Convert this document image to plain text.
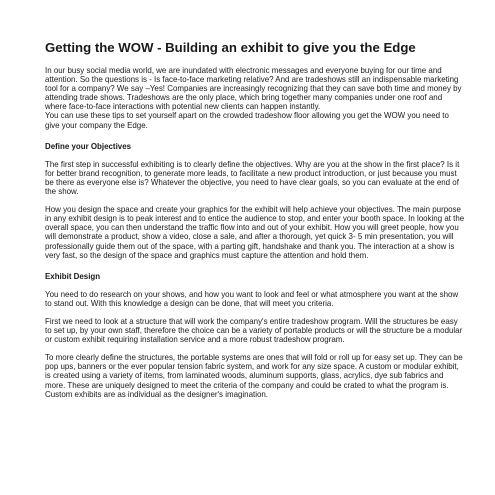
Getting the WOW - Building an exhibit to give you the Edge

In our busy social media world, we are inundated with electronic messages and everyone buying for our time and attention. So the questions is - Is face-to-face marketing relative? And are tradeshows still an indispensable marketing tool for a company? We say –Yes! Companies are increasingly recognizing that they can save both time and money by attending trade shows. Tradeshows are the only place, which bring together many companies under one roof and where face-to-face interactions with potential new clients can happen instantly.

You can use these tips to set yourself apart on the crowded tradeshow floor allowing you get the WOW you need to give your company the Edge.

Define your Objectives

The first step in successful exhibiting is to clearly define the objectives. Why are you at the show in the first place? Is it for better brand recognition, to generate more leads, to facilitate a new product introduction, or just because you must be there as everyone else is? Whatever the objective, you need to have clear goals, so you can evaluate at the end of the show.

How you design the space and create your graphics for the exhibit will help achieve your objectives. The main purpose in any exhibit design is to peak interest and to entice the audience to stop, and enter your booth space. In looking at the overall space, you can then understand the traffic flow into and out of your exhibit. How you will greet people, how you will demonstrate a product, show a video, close a sale, and after a thorough, yet quick 3- 5 min presentation, you will professionally guide them out of the space, with a parting gift, handshake and thank you. The interaction at a show is very fast, so the design of the space and graphics must capture the attention and hold them.

Exhibit Design

You need to do research on your shows, and how you want to look and feel or what atmosphere you want at the show to stand out. With this knowledge a design can be done, that will meet you criteria.

First we need to look at a structure that will work the company's entire tradeshow program. Will the structures be easy to set up, by your own staff, therefore the choice can be a variety of portable products or will the structure be a modular or custom exhibit requiring installation service and a more robust tradeshow program.

To more clearly define the structures, the portable systems are ones that will fold or roll up for easy set up. They can be pop ups, banners or the ever popular tension fabric system, and work for any size space. A custom or modular exhibit, is created using a variety of items, from laminated woods, aluminum supports, glass, acrylics, dye sub fabrics and more. These are uniquely designed to meet the criteria of the company and could be crated to what the program is. Custom exhibits are as individual as the designer's imagination.
